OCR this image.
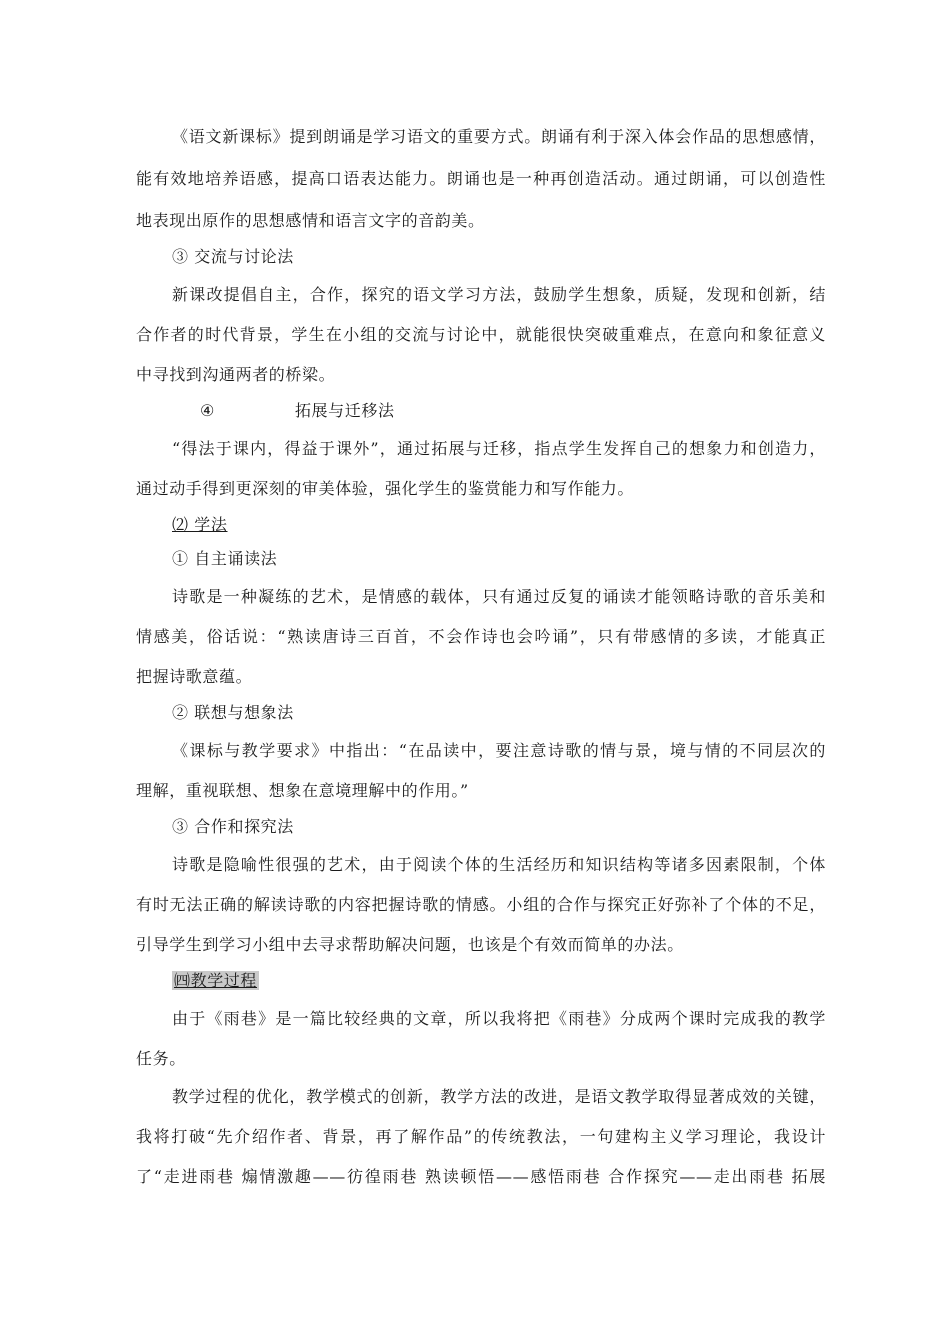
《语文新课标》提到朗诵是学习语文的重要方式。朗诵有利于深入体会作品的思想感情，
能有效地培养语感，提高口语表达能力。朗诵也是一种再创造活动。通过朗诵，可以创造性
地表现出原作的思想感情和语言文字的音韵美。
③ 交流与讨论法
新课改提倡自主，合作，探究的语文学习方法，鼓励学生想象，质疑，发现和创新，结
合作者的时代背景，学生在小组的交流与讨论中，就能很快突破重难点，在意向和象征意义
中寻找到沟通两者的桥梁。
④	拓展与迁移法
“得法于课内，得益于课外”，通过拓展与迁移，指点学生发挥自己的想象力和创造力，
通过动手得到更深刻的审美体验，强化学生的鉴赏能力和写作能力。
⑵ 学法
① 自主诵读法
诗歌是一种凝练的艺术，是情感的载体，只有通过反复的诵读才能领略诗歌的音乐美和
情感美，俗话说：“熟读唐诗三百首，不会作诗也会吟诵”，只有带感情的多读，才能真正
把握诗歌意蕴。
② 联想与想象法
《课标与教学要求》中指出：“在品读中，要注意诗歌的情与景，境与情的不同层次的
理解，重视联想、想象在意境理解中的作用。”
③ 合作和探究法
诗歌是隐喻性很强的艺术，由于阅读个体的生活经历和知识结构等诸多因素限制，个体
有时无法正确的解读诗歌的内容把握诗歌的情感。小组的合作与探究正好弥补了个体的不足，
引导学生到学习小组中去寻求帮助解决问题，也该是个有效而简单的办法。
㈣教学过程
由于《雨巷》是一篇比较经典的文章，所以我将把《雨巷》分成两个课时完成我的教学
任务。
教学过程的优化，教学模式的创新，教学方法的改进，是语文教学取得显著成效的关键，
我将打破“先介绍作者、背景，再了解作品”的传统教法，一句建构主义学习理论，我设计
了“走进雨巷 煽情激趣——彷徨雨巷 熟读顿悟——感悟雨巷 合作探究——走出雨巷 拓展
